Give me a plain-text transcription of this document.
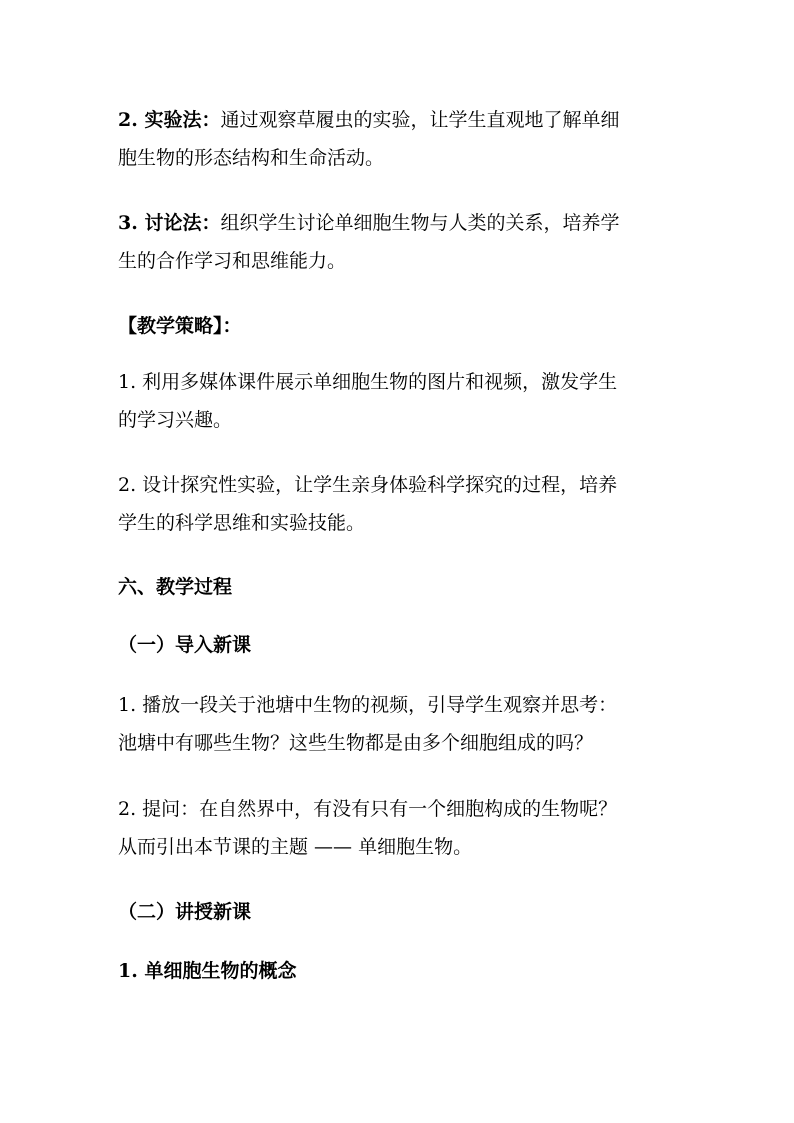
2. 实验法：通过观察草履虫的实验，让学生直观地了解单细
胞生物的形态结构和生命活动。
3. 讨论法：组织学生讨论单细胞生物与人类的关系，培养学
生的合作学习和思维能力。
【教学策略】：
1. 利用多媒体课件展示单细胞生物的图片和视频，激发学生
的学习兴趣。
2. 设计探究性实验，让学生亲身体验科学探究的过程，培养
学生的科学思维和实验技能。
六、教学过程
（一）导入新课
1. 播放一段关于池塘中生物的视频，引导学生观察并思考：
池塘中有哪些生物？这些生物都是由多个细胞组成的吗？
2. 提问：在自然界中，有没有只有一个细胞构成的生物呢？
从而引出本节课的主题 —— 单细胞生物。
（二）讲授新课
1. 单细胞生物的概念
